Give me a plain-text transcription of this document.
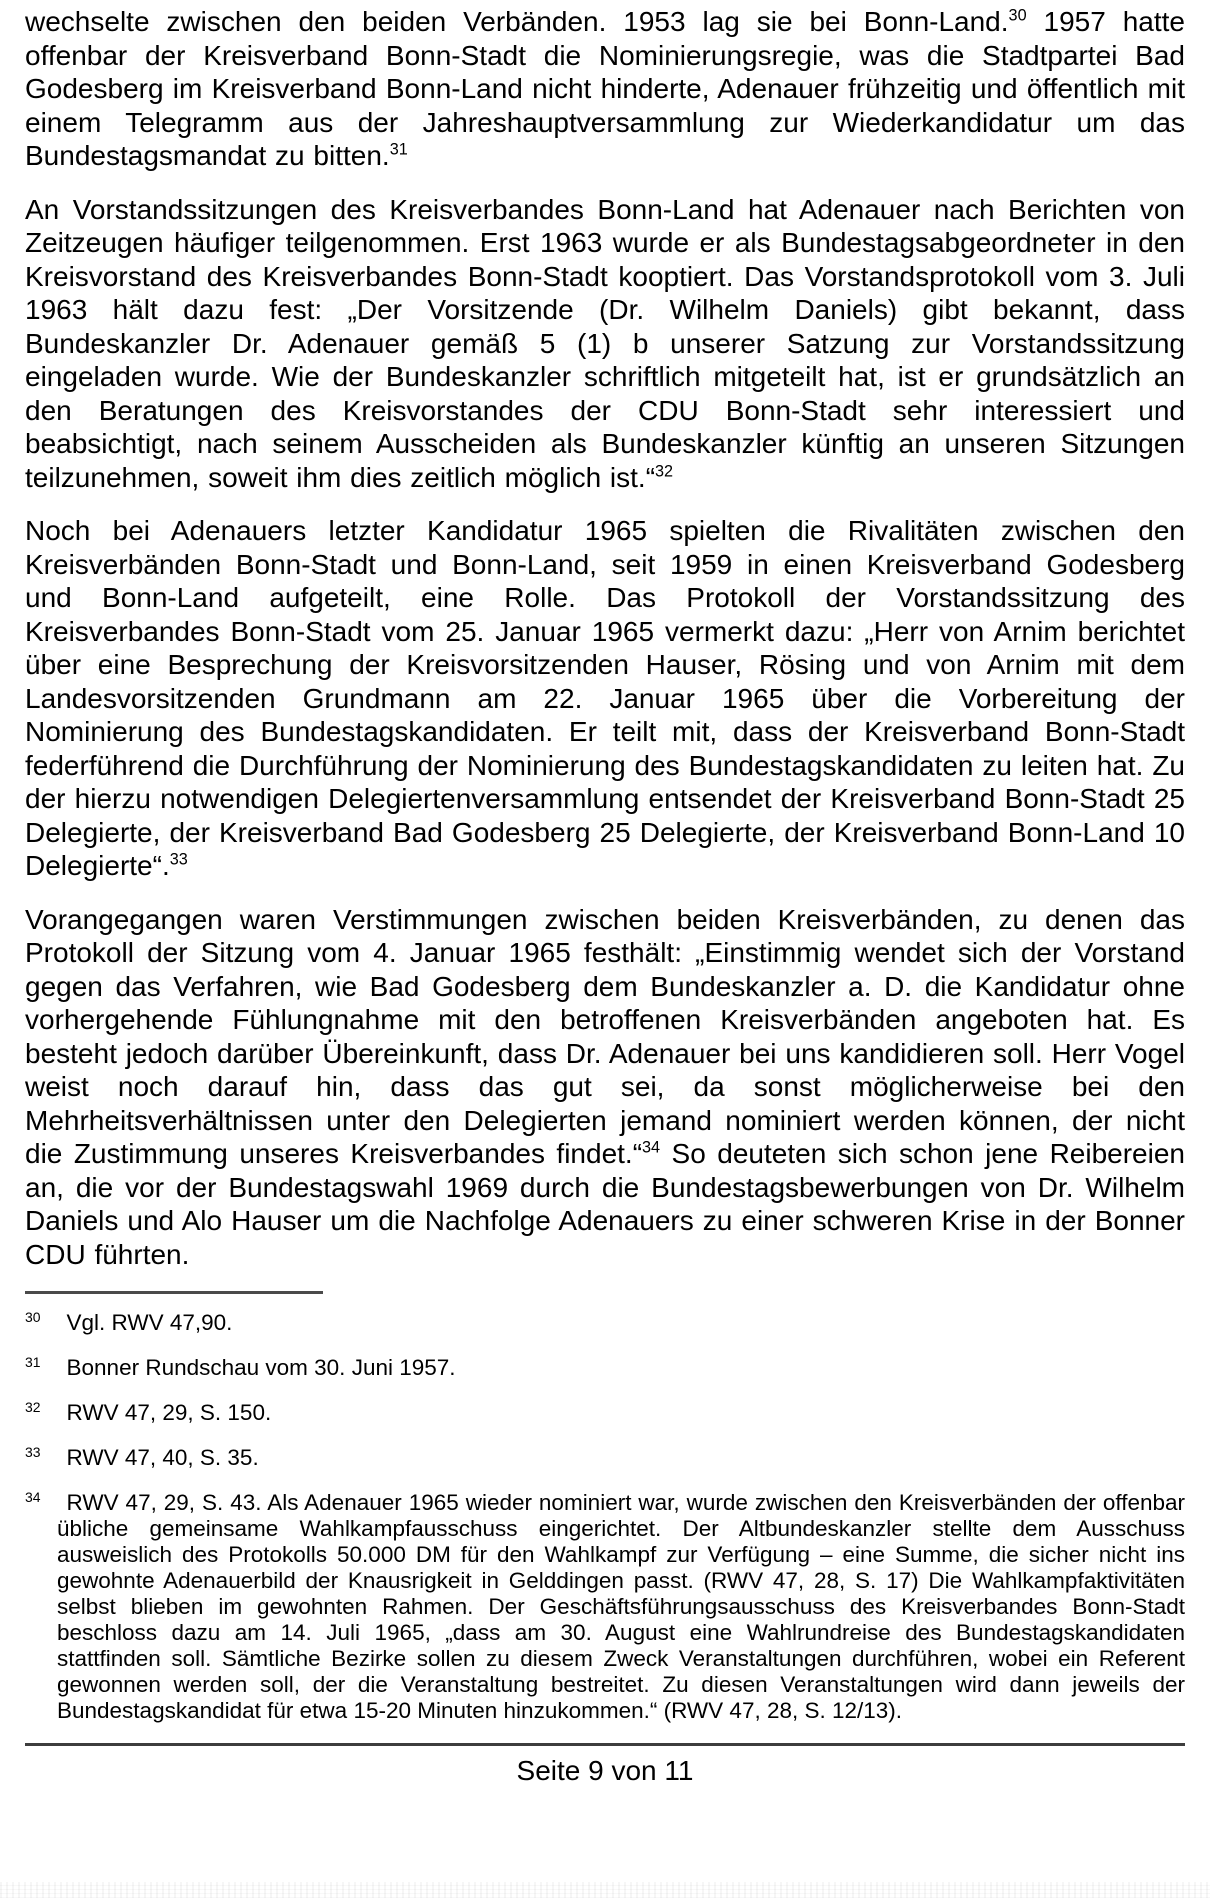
wechselte zwischen den beiden Verbänden. 1953 lag sie bei Bonn-Land.$^{30}$ 1957 hatte offenbar der Kreisverband Bonn-Stadt die Nominierungsregie, was die Stadtpartei Bad Godesberg im Kreisverband Bonn-Land nicht hinderte, Adenauer frühzeitig und öffentlich mit einem Telegramm aus der Jahreshauptversammlung zur Wiederkandidatur um das Bundestagsmandat zu bitten.$^{31}$

An Vorstandssitzungen des Kreisverbandes Bonn-Land hat Adenauer nach Berichten von Zeitzeugen häufiger teilgenommen. Erst 1963 wurde er als Bundestagsabgeordneter in den Kreisvorstand des Kreisverbandes Bonn-Stadt kooptiert. Das Vorstandsprotokoll vom 3. Juli 1963 hält dazu fest: „Der Vorsitzende (Dr. Wilhelm Daniels) gibt bekannt, dass Bundeskanzler Dr. Adenauer gemäß 5 (1) b unserer Satzung zur Vorstandssitzung eingeladen wurde. Wie der Bundeskanzler schriftlich mitgeteilt hat, ist er grundsätzlich an den Beratungen des Kreisvorstandes der CDU Bonn-Stadt sehr interessiert und beabsichtigt, nach seinem Ausscheiden als Bundeskanzler künftig an unseren Sitzungen teilzunehmen, soweit ihm dies zeitlich möglich ist.“$^{32}$

Noch bei Adenauers letzter Kandidatur 1965 spielten die Rivalitäten zwischen den Kreisverbänden Bonn-Stadt und Bonn-Land, seit 1959 in einen Kreisverband Godesberg und Bonn-Land aufgeteilt, eine Rolle. Das Protokoll der Vorstandssitzung des Kreisverbandes Bonn-Stadt vom 25. Januar 1965 vermerkt dazu: „Herr von Arnim berichtet über eine Besprechung der Kreisvorsitzenden Hauser, Rösing und von Arnim mit dem Landesvorsitzenden Grundmann am 22. Januar 1965 über die Vorbereitung der Nominierung des Bundestagskandidaten. Er teilt mit, dass der Kreisverband Bonn-Stadt federführend die Durchführung der Nominierung des Bundestagskandidaten zu leiten hat. Zu der hierzu notwendigen Delegiertenversammlung entsendet der Kreisverband Bonn-Stadt 25 Delegierte, der Kreisverband Bad Godesberg 25 Delegierte, der Kreisverband Bonn-Land 10 Delegierte“.$^{33}$

Vorangegangen waren Verstimmungen zwischen beiden Kreisverbänden, zu denen das Protokoll der Sitzung vom 4. Januar 1965 festhält: „Einstimmig wendet sich der Vorstand gegen das Verfahren, wie Bad Godesberg dem Bundeskanzler a. D. die Kandidatur ohne vorhergehende Fühlungnahme mit den betroffenen Kreisverbänden angeboten hat. Es besteht jedoch darüber Übereinkunft, dass Dr. Adenauer bei uns kandidieren soll. Herr Vogel weist noch darauf hin, dass das gut sei, da sonst möglicherweise bei den Mehrheitsverhältnissen unter den Delegierten jemand nominiert werden können, der nicht die Zustimmung unseres Kreisverbandes findet.“$^{34}$ So deuteten sich schon jene Reibereien an, die vor der Bundestagswahl 1969 durch die Bundestagsbewerbungen von Dr. Wilhelm Daniels und Alo Hauser um die Nachfolge Adenauers zu einer schweren Krise in der Bonner CDU führten.

$^{30}$ Vgl. RWV 47,90.
$^{31}$ Bonner Rundschau vom 30. Juni 1957.
$^{32}$ RWV 47, 29, S. 150.
$^{33}$ RWV 47, 40, S. 35.
$^{34}$ RWV 47, 29, S. 43. Als Adenauer 1965 wieder nominiert war, wurde zwischen den Kreisverbänden der offenbar übliche gemeinsame Wahlkampfausschuss eingerichtet. Der Altbundeskanzler stellte dem Ausschuss ausweislich des Protokolls 50.000 DM für den Wahlkampf zur Verfügung – eine Summe, die sicher nicht ins gewohnte Adenauerbild der Knausrigkeit in Gelddingen passt. (RWV 47, 28, S. 17) Die Wahlkampfaktivitäten selbst blieben im gewohnten Rahmen. Der Geschäftsführungsausschuss des Kreisverbandes Bonn-Stadt beschloss dazu am 14. Juli 1965, „dass am 30. August eine Wahlrundreise des Bundestagskandidaten stattfinden soll. Sämtliche Bezirke sollen zu diesem Zweck Veranstaltungen durchführen, wobei ein Referent gewonnen werden soll, der die Veranstaltung bestreitet. Zu diesen Veranstaltungen wird dann jeweils der Bundestagskandidat für etwa 15-20 Minuten hinzukommen.“ (RWV 47, 28, S. 12/13).
Seite 9 von 11
